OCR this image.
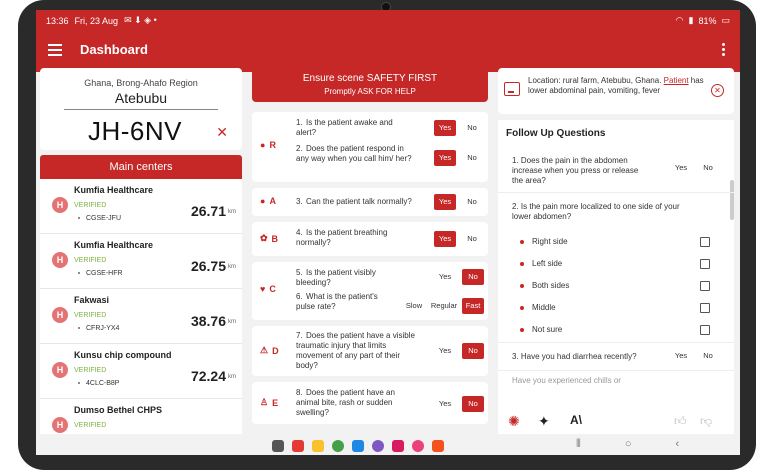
13:36 Fri, 23 Aug ✉ ⬇ ◈ •	◠ ▮ 81% ▭
Dashboard
Ghana, Brong-Ahafo Region
Atebubu
JH-6NV ✕
Main centers
H
Kumfia Healthcare
VERIFIED
CGSE-JFU	26.71 km
H
Kumfia Healthcare
VERIFIED
CGSE-HFR	26.75 km
H
Fakwasi
VERIFIED
CFRJ-YX4	38.76 km
H
Kunsu chip compound
VERIFIED
4CLC-B8P	72.24 km
H
Dumso Bethel CHPS
VERIFIED
Ensure scene SAFETY FIRST
Promptly ASK FOR HELP
● R
1. Is the patient awake and alert?
Yes	No
2. Does the patient respond in any way when you call him/ her?	Yes	No
● A	3. Can the patient talk normally?	Yes	No
✿ B
4. Is the patient breathing normally?	Yes	No
♥ C
5. Is the patient visibly bleeding?
Yes	No
6. What is the patient's pulse rate?	Slow	Regular	Fast
⚠ D
7. Does the patient have a visible traumatic injury that limits movement of any part of their body?
Yes	No
♙ E
8. Does the patient have an animal bite, rash or sudden swelling?
Yes	No
Location: rural farm, Atebubu, Ghana. Patient has lower abdominal pain, vomiting, fever	✕
Follow Up Questions
1. Does the pain in the abdomen increase when you press or release the area?
Yes	No
2. Is the pain more localized to one side of your lower abdomen?
Right side
Left side
Both sides
Middle
Not sure
3. Have you had diarrhea recently?	Yes	No
Have you experienced chills or
✺ ✦ A\	👍︎ 👎︎
⦀	○	‹
